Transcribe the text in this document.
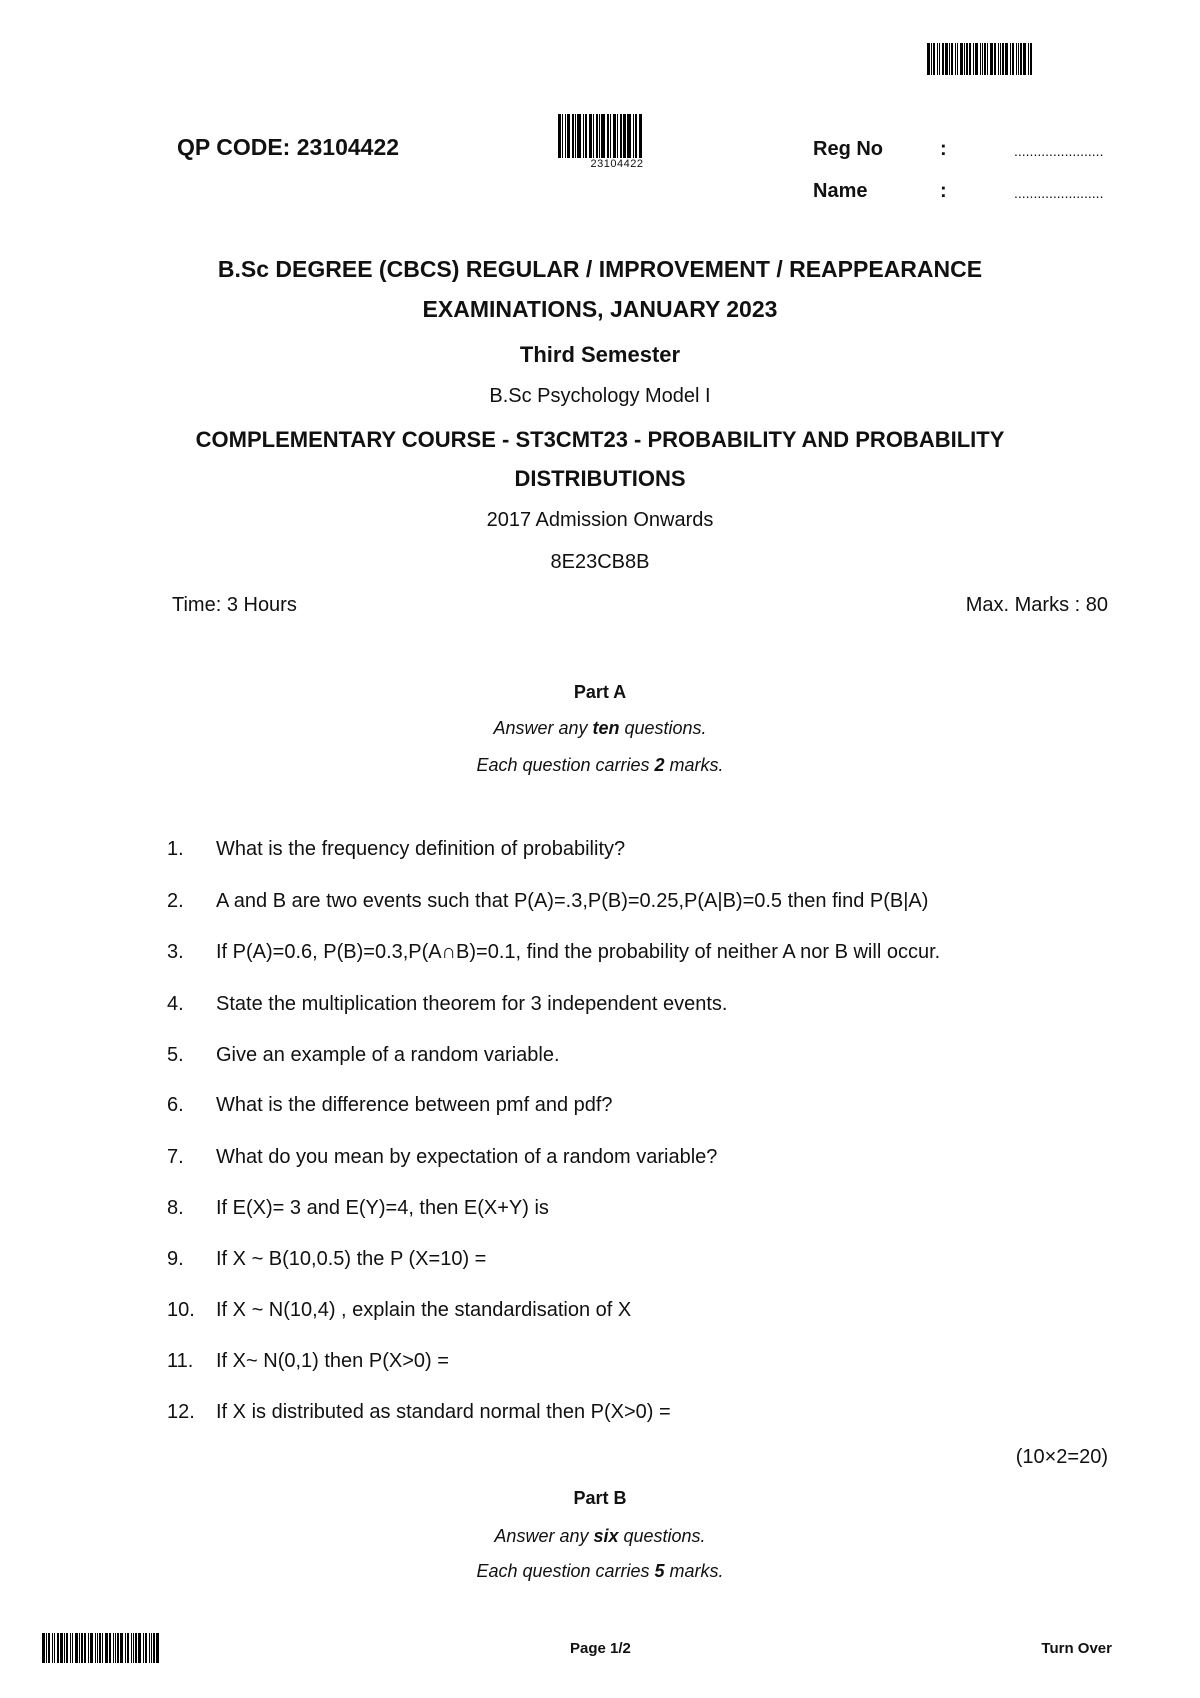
QP CODE: 23104422
23104422
Reg No	:	.......................
Name	:	.......................
B.Sc DEGREE (CBCS) REGULAR / IMPROVEMENT / REAPPEARANCE
EXAMINATIONS, JANUARY 2023
Third Semester
B.Sc Psychology Model I
COMPLEMENTARY COURSE - ST3CMT23 - PROBABILITY AND PROBABILITY
DISTRIBUTIONS
2017 Admission Onwards
8E23CB8B
Time: 3 Hours	Max. Marks : 80
Part A
Answer any ten questions.
Each question carries 2 marks.
1.	What is the frequency definition of probability?
2.	A and B are two events such that P(A)=.3,P(B)=0.25,P(A|B)=0.5 then find P(B|A)
3.	If P(A)=0.6, P(B)=0.3,P(A∩B)=0.1, find the probability of neither A nor B will occur.
4.	State the multiplication theorem for 3 independent events.
5.	Give an example of a random variable.
6.	What is the difference between pmf and pdf?
7.	What do you mean by expectation of a random variable?
8.	If E(X)= 3 and E(Y)=4, then E(X+Y) is
9.	If X ~ B(10,0.5) the P (X=10) =
10.	If X ~ N(10,4) , explain the standardisation of X
11.	If X~ N(0,1) then P(X>0) =
12.	If X is distributed as standard normal then P(X>0) =
(10×2=20)
Part B
Answer any six questions.
Each question carries 5 marks.
Page 1/2	Turn Over
